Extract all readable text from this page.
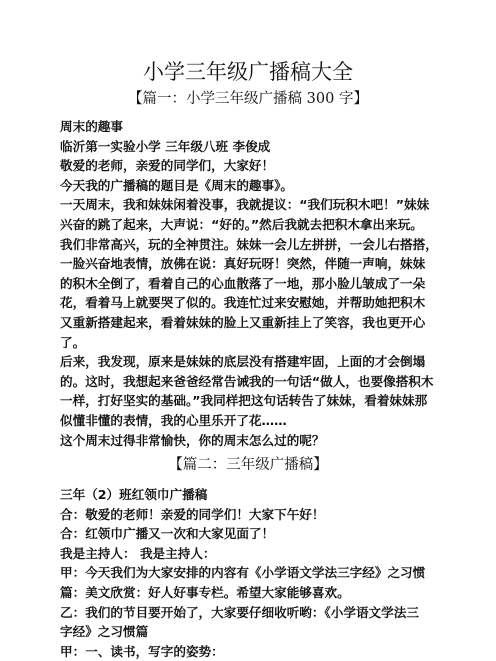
小学三年级广播稿大全
【篇一：小学三年级广播稿 300 字】

周末的趣事

临沂第一实验小学 三年级八班 李俊成

敬爱的老师，亲爱的同学们，大家好！

今天我的广播稿的题目是《周末的趣事》。

一天周末，我和妹妹闲着没事，我就提议：“我们玩积木吧！”妹妹

兴奋的跳了起来，大声说：“好的。”然后我就去把积木拿出来玩。

我们非常高兴，玩的全神贯注。妹妹一会儿左拼拼，一会儿右搭搭，

一脸兴奋地表情，放佛在说：真好玩呀！突然，伴随一声响，妹妹

的积木全倒了，看着自己的心血散落了一地，那小脸儿皱成了一朵

花，看着马上就要哭了似的。我连忙过来安慰她，并帮助她把积木

又重新搭建起来，看着妹妹的脸上又重新挂上了笑容，我也更开心

了。

后来，我发现，原来是妹妹的底层没有搭建牢固，上面的才会倒塌

的。这时，我想起来爸爸经常告诫我的一句话“做人，也要像搭积木

一样，打好坚实的基础。”我同样把这句话转告了妹妹，看着妹妹那

似懂非懂的表情，我的心里乐开了花……

这个周末过得非常愉快，你的周末怎么过的呢？

【篇二：三年级广播稿】

三年（2）班红领巾广播稿

合：敬爱的老师！亲爱的同学们！大家下午好！

合：红领巾广播又一次和大家见面了！

我是主持人： 我是主持人：

甲：今天我们为大家安排的内容有《小学语文学法三字经》之习惯

篇：美文欣赏：好人好事专栏。希望大家能够喜欢。

乙：我们的节目要开始了，大家要仔细收听哟：《小学语文学法三

字经》之习惯篇

甲：一、读书，写字的姿势：
